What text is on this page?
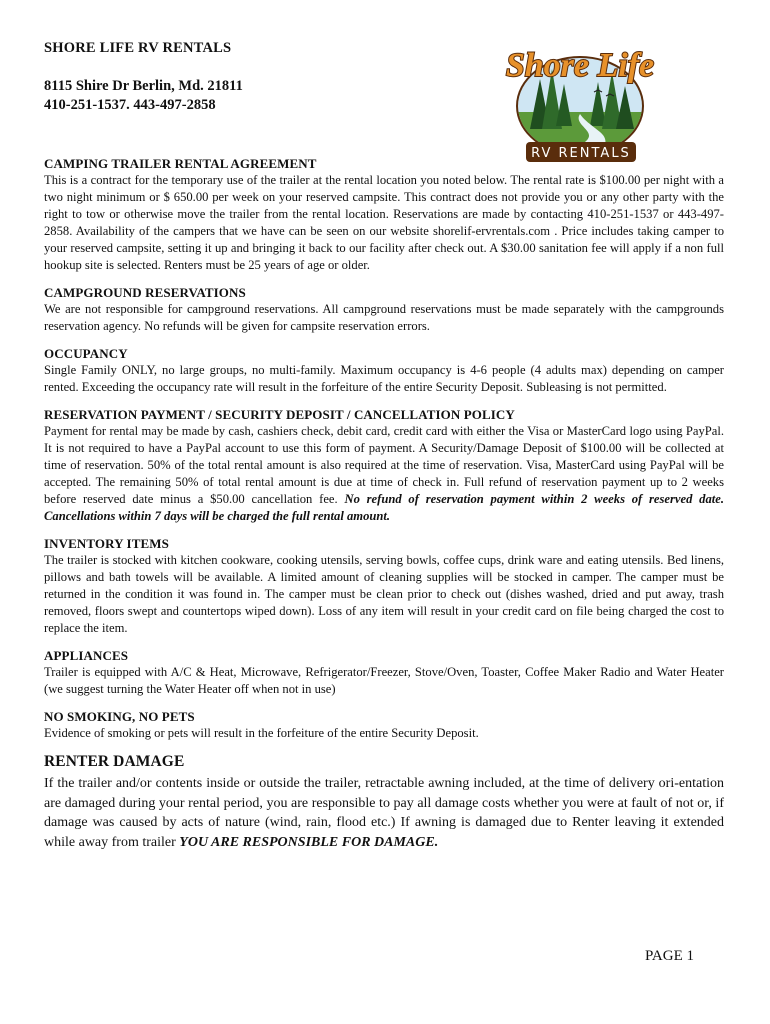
SHORE LIFE RV RENTALS

8115 Shire Dr Berlin, Md. 21811

410-251-1537. 443-497-2858

Shore Life
RV RENTALS

CAMPING TRAILER RENTAL AGREEMENT

This is a contract for the temporary use of the trailer at the rental location you noted below. The rental rate is $100.00 per night with a two night minimum or $ 650.00 per week on your reserved campsite. This contract does not provide you or any other party with the right to tow or otherwise move the trailer from the rental location. Reservations are made by contacting 410-251-1537 or 443-497-2858. Availability of the campers that we have can be seen on our website shorelif-ervrentals.com . Price includes taking camper to your reserved campsite, setting it up and bringing it back to our facility after check out. A $30.00 sanitation fee will apply if a non full hookup site is selected. Renters must be 25 years of age or older.

CAMPGROUND RESERVATIONS

We are not responsible for campground reservations. All campground reservations must be made separately with the campgrounds reservation agency. No refunds will be given for campsite reservation errors.

OCCUPANCY

Single Family ONLY, no large groups, no multi-family. Maximum occupancy is 4-6 people (4 adults max) depending on camper rented. Exceeding the occupancy rate will result in the forfeiture of the entire Security Deposit. Subleasing is not permitted.

RESERVATION PAYMENT / SECURITY DEPOSIT / CANCELLATION POLICY

Payment for rental may be made by cash, cashiers check, debit card, credit card with either the Visa or MasterCard logo using PayPal. It is not required to have a PayPal account to use this form of payment. A Security/Damage Deposit of $100.00 will be collected at time of reservation. 50% of the total rental amount is also required at the time of reservation. Visa, MasterCard using PayPal will be accepted. The remaining 50% of total rental amount is due at time of check in. Full refund of reservation payment up to 2 weeks before reserved date minus a $50.00 cancellation fee. No refund of reservation payment within 2 weeks of reserved date. Cancellations within 7 days will be charged the full rental amount.

INVENTORY ITEMS

The trailer is stocked with kitchen cookware, cooking utensils, serving bowls, coffee cups, drink ware and eating utensils. Bed linens, pillows and bath towels will be available. A limited amount of cleaning supplies will be stocked in camper. The camper must be returned in the condition it was found in. The camper must be clean prior to check out (dishes washed, dried and put away, trash removed, floors swept and countertops wiped down). Loss of any item will result in your credit card on file being charged the cost to replace the item.

APPLIANCES

Trailer is equipped with A/C & Heat, Microwave, Refrigerator/Freezer, Stove/Oven, Toaster, Coffee Maker Radio and Water Heater (we suggest turning the Water Heater off when not in use)

NO SMOKING, NO PETS

Evidence of smoking or pets will result in the forfeiture of the entire Security Deposit.

RENTER DAMAGE

If the trailer and/or contents inside or outside the trailer, retractable awning included, at the time of delivery ori-entation are damaged during your rental period, you are responsible to pay all damage costs whether you were at fault of not or, if damage was caused by acts of nature (wind, rain, flood etc.) If awning is damaged due to Renter leaving it extended while away from trailer YOU ARE RESPONSIBLE FOR DAMAGE.

PAGE 1
